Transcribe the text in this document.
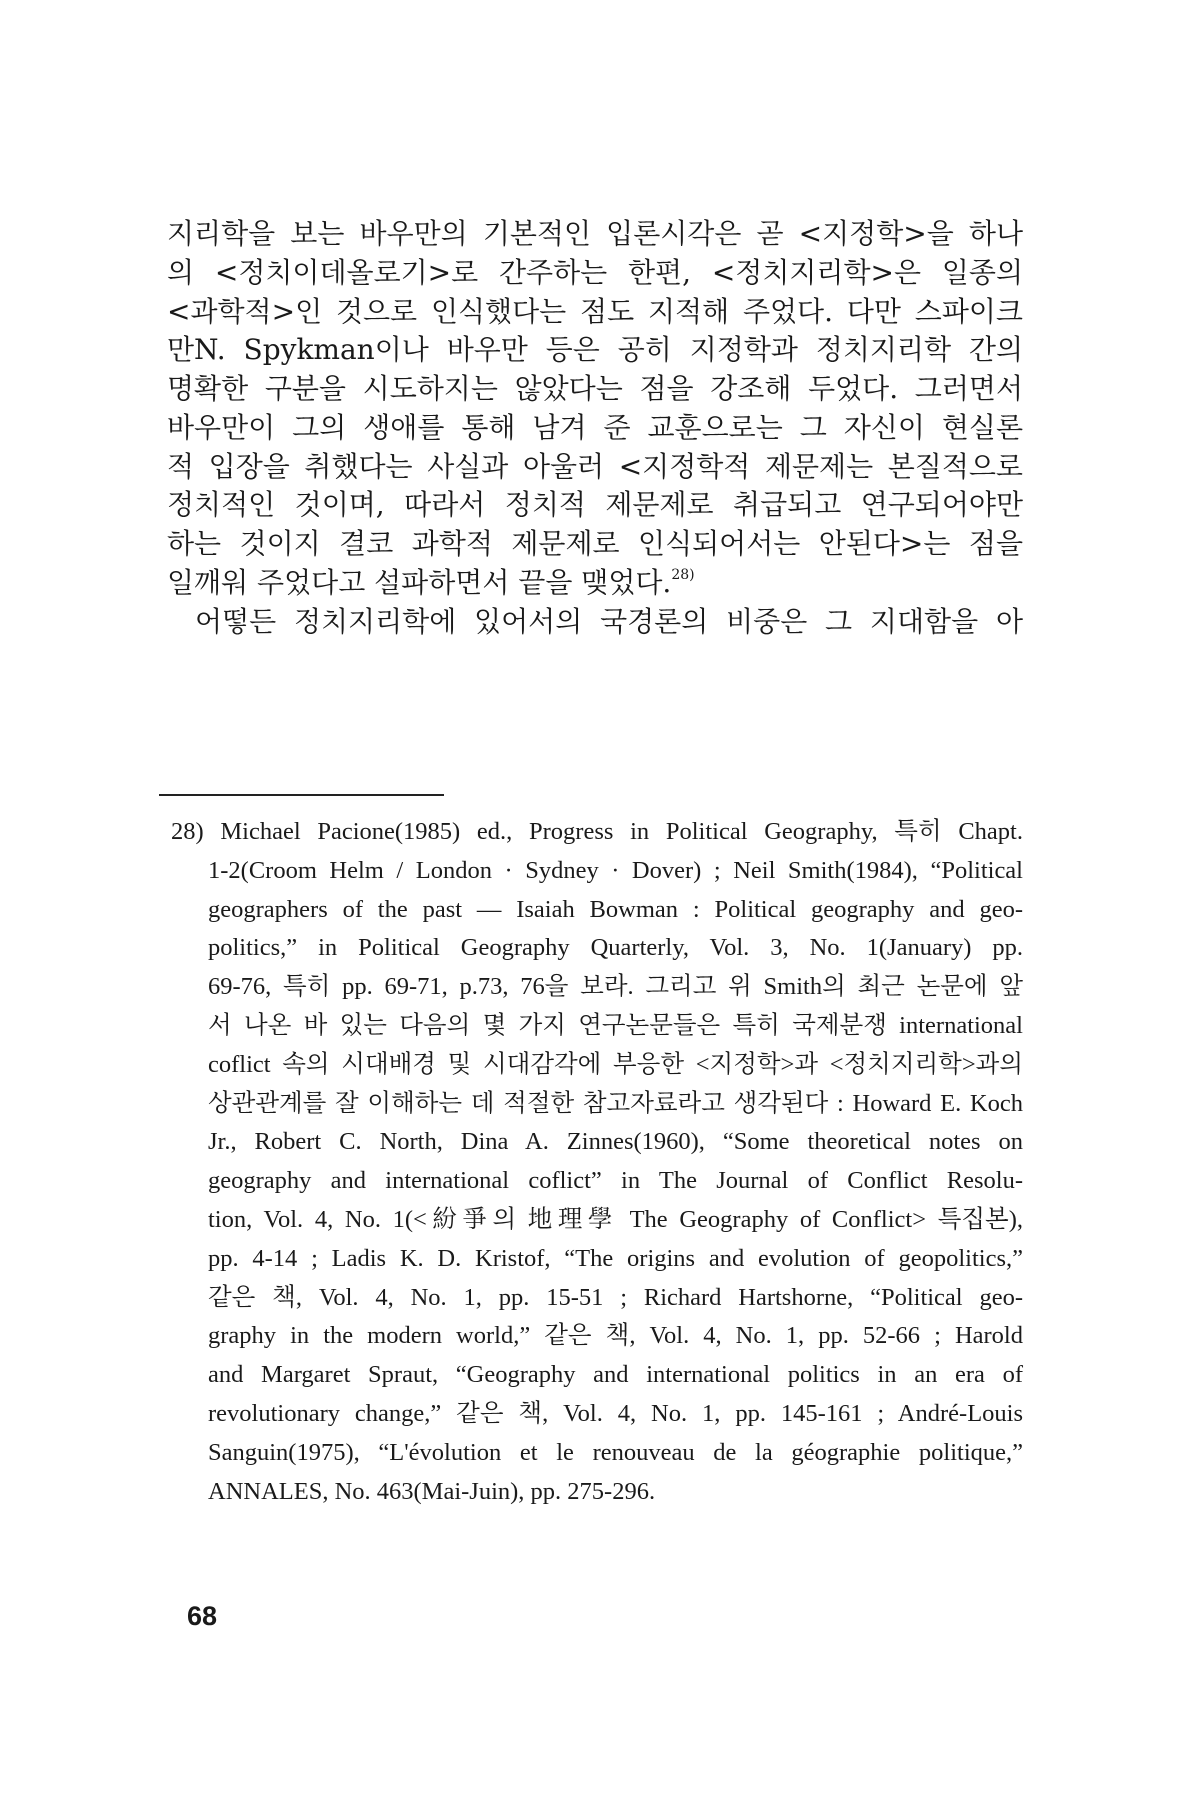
지리학을 보는 바우만의 기본적인 입론시각은 곧 <지정학>을 하나
의 <정치이데올로기>로 간주하는 한편, <정치지리학>은 일종의
<과학적>인 것으로 인식했다는 점도 지적해 주었다. 다만 스파이크
만N. Spykman이나 바우만 등은 공히 지정학과 정치지리학 간의
명확한 구분을 시도하지는 않았다는 점을 강조해 두었다. 그러면서
바우만이 그의 생애를 통해 남겨 준 교훈으로는 그 자신이 현실론
적 입장을 취했다는 사실과 아울러 <지정학적 제문제는 본질적으로
정치적인 것이며, 따라서 정치적 제문제로 취급되고 연구되어야만
하는 것이지 결코 과학적 제문제로 인식되어서는 안된다>는 점을
일깨워 주었다고 설파하면서 끝을 맺었다.$^{28)}$
어떻든 정치지리학에 있어서의 국경론의 비중은 그 지대함을 아
28) Michael Pacione(1985) ed., Progress in Political Geography, 특히 Chapt.
1-2(Croom Helm / London · Sydney · Dover) ; Neil Smith(1984), “Political
geographers of the past — Isaiah Bowman : Political geography and geo-
politics,” in Political Geography Quarterly, Vol. 3, No. 1(January) pp.
69-76, 특히 pp. 69-71, p.73, 76을 보라. 그리고 위 Smith의 최근 논문에 앞
서 나온 바 있는 다음의 몇 가지 연구논문들은 특히 국제분쟁 international
coflict 속의 시대배경 및 시대감각에 부응한 <지정학>과 <정치지리학>과의
상관관계를 잘 이해하는 데 적절한 참고자료라고 생각된다 : Howard E. Koch
Jr., Robert C. North, Dina A. Zinnes(1960), “Some theoretical notes on
geography and international coflict” in The Journal of Conflict Resolu-
tion, Vol. 4, No. 1(<紛爭의 地理學 The Geography of Conflict> 특집본),
pp. 4-14 ; Ladis K. D. Kristof, “The origins and evolution of geopolitics,”
같은 책, Vol. 4, No. 1, pp. 15-51 ; Richard Hartshorne, “Political geo-
graphy in the modern world,” 같은 책, Vol. 4, No. 1, pp. 52-66 ; Harold
and Margaret Spraut, “Geography and international politics in an era of
revolutionary change,” 같은 책, Vol. 4, No. 1, pp. 145-161 ; André-Louis
Sanguin(1975), “L'évolution et le renouveau de la géographie politique,”
ANNALES, No. 463(Mai-Juin), pp. 275-296.
68
